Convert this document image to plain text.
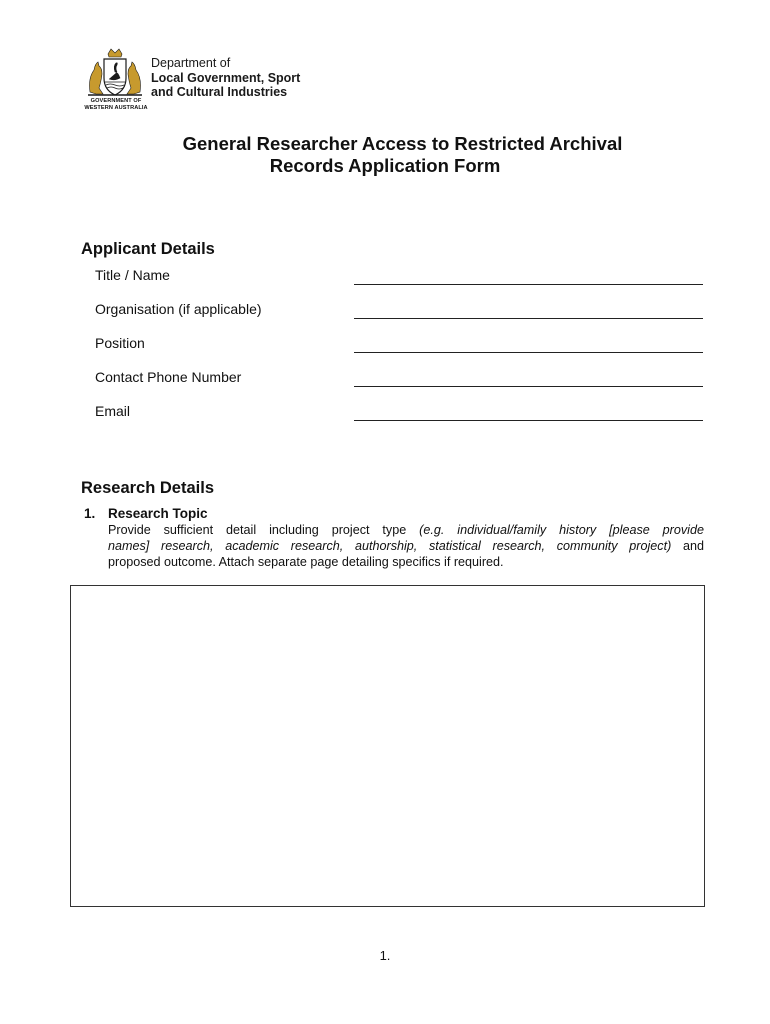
GOVERNMENT OF
WESTERN AUSTRALIA
Department of
Local Government, Sport
and Cultural Industries
General Researcher Access to Restricted Archival
Records Application Form
Applicant Details
Title / Name
Organisation (if applicable)
Position
Contact Phone Number
Email
Research Details
1. Research Topic
Provide sufficient detail including project type (e.g. individual/family history [please provide
names] research, academic research, authorship, statistical research, community project) and
proposed outcome. Attach separate page detailing specifics if required.
1.
